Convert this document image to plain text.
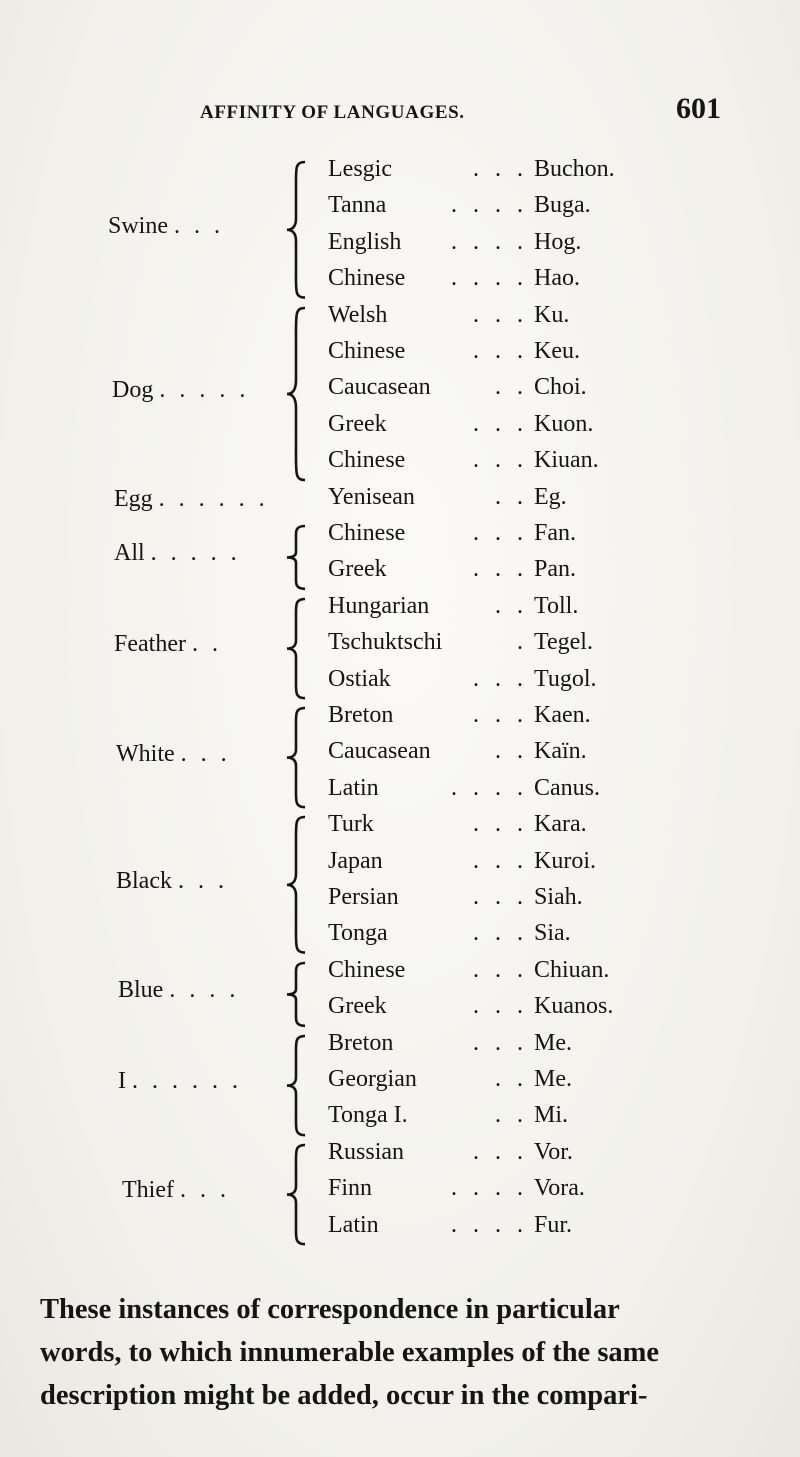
AFFINITY OF LANGUAGES.	601
Swine . . .
Lesgic	. . . Buchon.
Tanna	. . . . Buga.
English . . . . Hog.
Chinese . . . . Hao.
Dog . . . . .
Welsh	. . . Ku.
Chinese	. . . Keu.
Caucasean	. . Choi.
Greek	. . . Kuon.
Chinese	. . . Kiuan.
Egg . . . . . . Yenisean	. . Eg.
All . . . . .
Chinese	. . . Fan.
Greek	. . . Pan.
Feather . .
Hungarian	. . Toll.
Tschuktschi	. Tegel.
Ostiak	. . . Tugol.
White . . .
Breton	. . . Kaen.
Caucasean	. . Kaïn.
Latin	. . . . Canus.
Black . . .
Turk	. . . Kara.
Japan	. . . Kuroi.
Persian	. . . Siah.
Tonga	. . . Sia.
Blue . . . .
Chinese	. . . Chiuan.
Greek	. . . Kuanos.
I . . . . . .
Breton	. . . Me.
Georgian	. . Me.
Tonga I.	. . Mi.
Thief . . .
Russian	. . . Vor.
Finn	. . . . Vora.
Latin	. . . . Fur.
These instances of correspondence in particular
words, to which innumerable examples of the same
description might be added, occur in the compari-
